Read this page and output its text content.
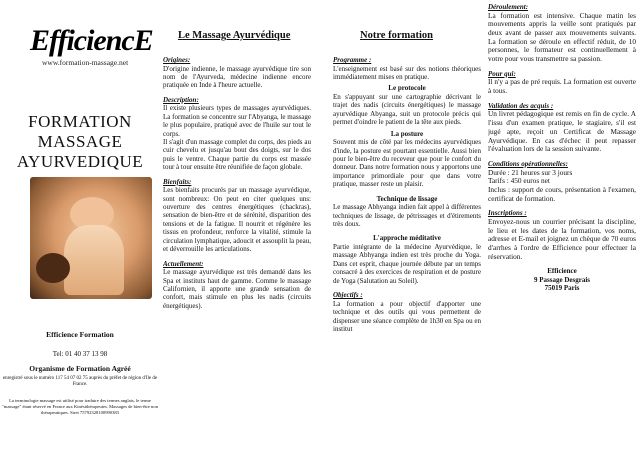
EfficiencE
www.formation-massage.net
FORMATION
MASSAGE
AYURVEDIQUE
Efficience Formation
Tel: 01 40 37 13 98
Organisme de Formation Agréé
enregistré sous le numéro 117 54 07 02 75 auprès du préfet de région d'Ile de France.
La terminologie massage est utilisé pour traduire des termes anglais, le terme "massage" étant réservé en France aux Kinésithérapeutes. Massages de bien-être non thérapeutiques. Siret 75792328100990383
Le Massage Ayurvédique
Origines:

D'origine indienne, le massage ayurvédique tire son nom de l'Ayurveda, médecine indienne encore pratiquée en Inde à l'heure actuelle.

Description:

Il existe plusieurs types de massages ayurvédiques. La formation se concentre sur l'Abyanga, le massage le plus populaire, pratiqué avec de l'huile sur tout le corps.

Il s'agit d'un massage complet du corps, des pieds au cuir chevelu et jusqu'au bout des doigts, sur le dos puis le ventre. Chaque partie du corps est massée tour à tour ensuite être réunifiée de façon globale.

Bienfaits:

Les bienfaits procurés par un massage ayurvédique, sont nombreux: On peut en citer quelques uns: ouverture des centres énergétiques (chackras), sensation de bien-être et de sérénité, disparition des tensions et de la fatigue. Il nourrit et régénère les tissus en profondeur, renforce la vitalité, stimule la circulation lymphatique, adoucit et assouplit la peau, et déverrouille les articulations.

Actuellement:

Le massage ayurvédique est très demandé dans les Spa et instituts haut de gamme. Comme le massage Californien, il apporte une grande sensation de confort, mais stimule en plus les nadis (circuits énergétiques).

Notre formation
Programme :

L'enseignement est basé sur des notions théoriques immédiatement mises en pratique.

Le protocole

En s'appuyant sur une cartographie décrivant le trajet des nadis (circuits énergétiques) le massage ayurvédique Abyanga, suit un protocole précis qui permet d'oindre le patient de la tête aux pieds.

La posture

Souvent mis de côté par les médecins ayurvédiques d'inde, la posture est pourtant essentielle. Aussi bien pour le bien-être du receveur que pour le confort du donneur. Dans notre formation nous y apportons une importance primordiale pour que dans votre pratique, masser reste un plaisir.

Technique de lissage

Le massage Abhyanga indien fait appel à différentes techniques de lissage, de pétrissages et d'étirements très doux.

L'approche méditative

Partie intégrante de la médecine Ayurvédique, le massage Abhyanga indien est très proche du Yoga. Dans cet esprit, chaque journée débute par un temps consacré à des exercices de respiration et de posture de Yoga (Salutation au Soleil).

Objectifs :

La formation a pour objectif d'apporter une technique et des outils qui vous permettent de dispenser une séance complète de 1h30 en Spa ou en institut

Déroulement:

La formation est intensive. Chaque matin les mouvements appris la veille sont pratiqués par deux avant de passer aux mouvements suivants. La formation se déroule en effectif réduit, de 10 personnes, le formateur est continuellement à votre pour vous transmettre sa passion.

Pour qui:

Il n'y a pas de pré requis. La formation est ouverte à tous.

Validation des acquis :

Un livret pédagogique est remis en fin de cycle. A l'issu d'un examen pratique, le stagiaire, s'il est jugé apte, reçoit un Certificat de Massage Ayurvédique. En cas d'échec il peut repasser l'évaluation lors de la session suivante.

Conditions opérationnelles:

Durée : 21 heures sur 3 jours

Tarifs : 450 euros net

Inclus : support de cours, présentation à l'examen, certificat de formation.

Inscriptions :

Envoyez-nous un courrier précisant la discipline, le lieu et les dates de la formation, vos noms, adresse et E-mail et joignez un chèque de 70 euros d'arrhes à l'ordre de Efficience pour effectuer la réservation.

Efficience
9 Passage Desgrais
75019 Paris
